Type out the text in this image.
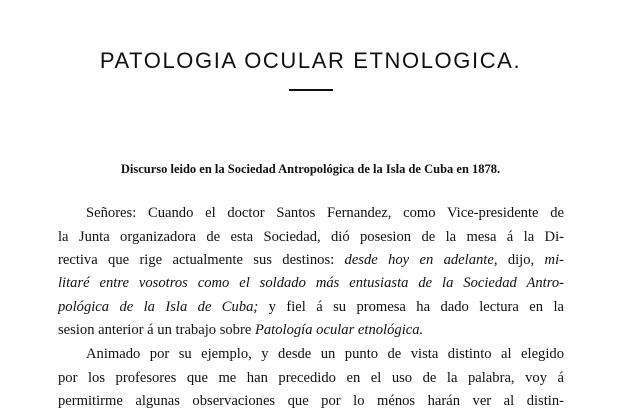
PATOLOGIA OCULAR ETNOLOGICA.
Discurso leido en la Sociedad Antropológica de la Isla de Cuba en 1878.
Señores: Cuando el doctor Santos Fernandez, como Vice-presidente de
la Junta organizadora de esta Sociedad, dió posesion de la mesa á la Di-
rectiva que rige actualmente sus destinos: desde hoy en adelante, dijo, mi-
litaré entre vosotros como el soldado más entusiasta de la Sociedad Antro-
pológica de la Isla de Cuba; y fiel á su promesa ha dado lectura en la
sesion anterior á un trabajo sobre Patología ocular etnológica.
Animado por su ejemplo, y desde un punto de vista distinto al elegido
por los profesores que me han precedido en el uso de la palabra, voy á
permitirme algunas observaciones que por lo ménos harán ver al distin-
